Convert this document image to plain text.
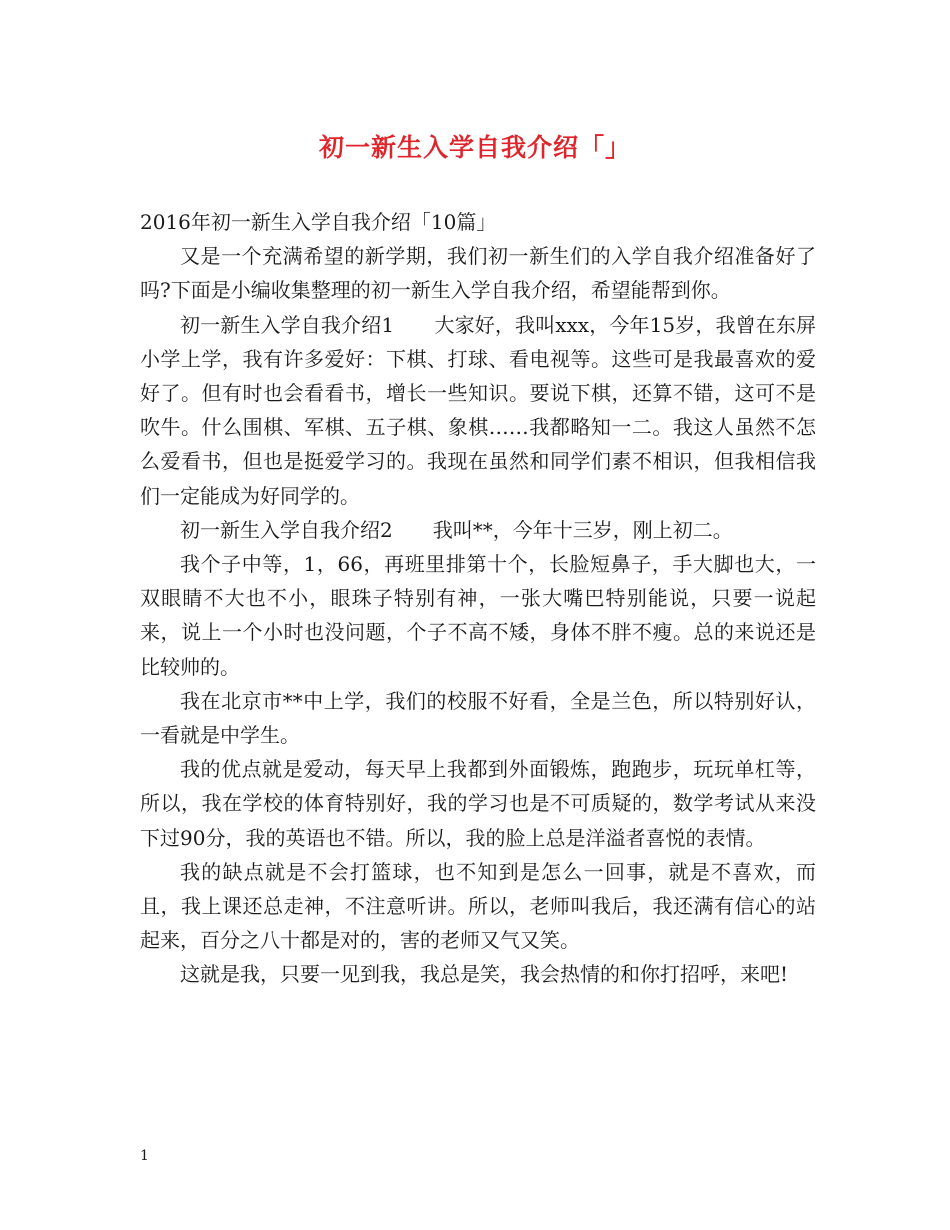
初一新生入学自我介绍「」

2016年初一新生入学自我介绍「10篇」

又是一个充满希望的新学期，我们初一新生们的入学自我介绍准备好了吗?下面是小编收集整理的初一新生入学自我介绍，希望能帮到你。

初一新生入学自我介绍1　　大家好，我叫xxx，今年15岁，我曾在东屏小学上学，我有许多爱好：下棋、打球、看电视等。这些可是我最喜欢的爱好了。但有时也会看看书，增长一些知识。要说下棋，还算不错，这可不是吹牛。什么围棋、军棋、五子棋、象棋……我都略知一二。我这人虽然不怎么爱看书，但也是挺爱学习的。我现在虽然和同学们素不相识，但我相信我们一定能成为好同学的。

初一新生入学自我介绍2　　我叫**，今年十三岁，刚上初二。

我个子中等，1，66，再班里排第十个，长脸短鼻子，手大脚也大，一双眼睛不大也不小，眼珠子特别有神，一张大嘴巴特别能说，只要一说起来，说上一个小时也没问题，个子不高不矮，身体不胖不瘦。总的来说还是比较帅的。

我在北京市**中上学，我们的校服不好看，全是兰色，所以特别好认，一看就是中学生。

我的优点就是爱动，每天早上我都到外面锻炼，跑跑步，玩玩单杠等，所以，我在学校的体育特别好，我的学习也是不可质疑的，数学考试从来没下过90分，我的英语也不错。所以，我的脸上总是洋溢者喜悦的表情。

我的缺点就是不会打篮球，也不知到是怎么一回事，就是不喜欢，而且，我上课还总走神，不注意听讲。所以，老师叫我后，我还满有信心的站起来，百分之八十都是对的，害的老师又气又笑。

这就是我，只要一见到我，我总是笑，我会热情的和你打招呼，来吧!

1
